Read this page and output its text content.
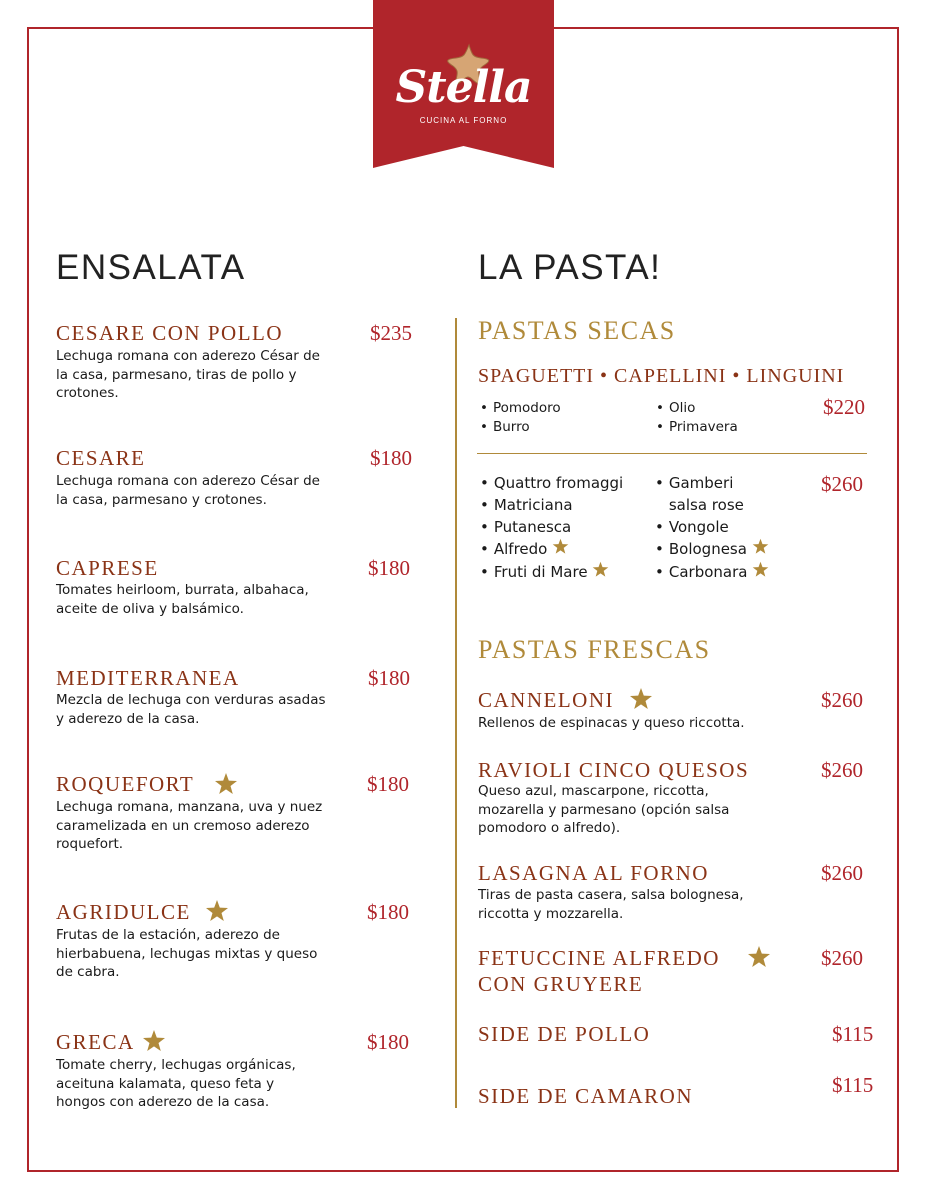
Stella
CUCINA AL FORNO
ENSALATA
CESARE CON POLLO	$235
Lechuga romana con aderezo César de la casa, parmesano, tiras de pollo y crotones.
CESARE	$180
Lechuga romana con aderezo César de la casa, parmesano y crotones.
CAPRESE	$180
Tomates heirloom, burrata, albahaca, aceite de oliva y balsámico.
MEDITERRANEA	$180
Mezcla de lechuga con verduras asadas y aderezo de la casa.
ROQUEFORT	$180
Lechuga romana, manzana, uva y nuez caramelizada en un cremoso aderezo roquefort.
AGRIDULCE	$180
Frutas de la estación, aderezo de hierbabuena, lechugas mixtas y queso de cabra.
GRECA	$180
Tomate cherry, lechugas orgánicas, aceituna kalamata, queso feta y hongos con aderezo de la casa.
LA PASTA!
PASTAS SECAS
SPAGUETTI • CAPELLINI • LINGUINI
• Pomodoro
• Burro
• Olio
• Primavera
$220
• Quattro fromaggi
• Matriciana
• Putanesca
• Alfredo
• Fruti di Mare
• Gamberi
salsa rose
• Vongole
• Bolognesa
• Carbonara
$260
PASTAS FRESCAS
CANNELONI	$260
Rellenos de espinacas y queso riccotta.
RAVIOLI CINCO QUESOS	$260
Queso azul, mascarpone, riccotta, mozarella y parmesano (opción salsa pomodoro o alfredo).
LASAGNA AL FORNO	$260
Tiras de pasta casera, salsa bolognesa, riccotta y mozzarella.
FETUCCINE ALFREDO
CON GRUYERE
$260
SIDE DE POLLO	$115
SIDE DE CAMARON	$115
